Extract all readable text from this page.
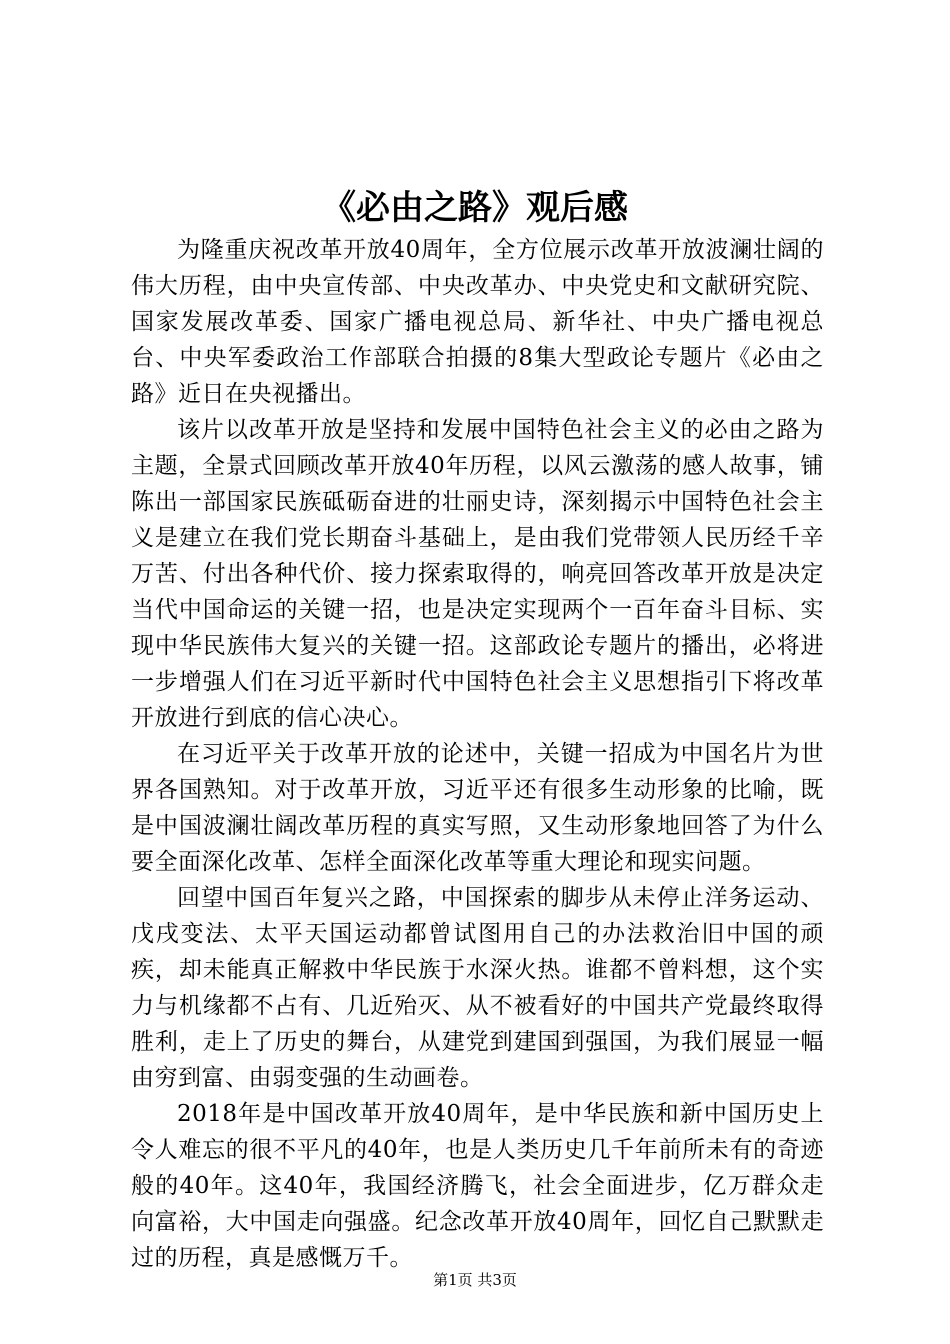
《必由之路》观后感

为隆重庆祝改革开放40周年，全方位展示改革开放波澜壮阔的伟大历程，由中央宣传部、中央改革办、中央党史和文献研究院、国家发展改革委、国家广播电视总局、新华社、中央广播电视总台、中央军委政治工作部联合拍摄的8集大型政论专题片《必由之路》近日在央视播出。

该片以改革开放是坚持和发展中国特色社会主义的必由之路为主题，全景式回顾改革开放40年历程，以风云激荡的感人故事，铺陈出一部国家民族砥砺奋进的壮丽史诗，深刻揭示中国特色社会主义是建立在我们党长期奋斗基础上，是由我们党带领人民历经千辛万苦、付出各种代价、接力探索取得的，响亮回答改革开放是决定当代中国命运的关键一招，也是决定实现两个一百年奋斗目标、实现中华民族伟大复兴的关键一招。这部政论专题片的播出，必将进一步增强人们在习近平新时代中国特色社会主义思想指引下将改革开放进行到底的信心决心。

在习近平关于改革开放的论述中，关键一招成为中国名片为世界各国熟知。对于改革开放，习近平还有很多生动形象的比喻，既是中国波澜壮阔改革历程的真实写照，又生动形象地回答了为什么要全面深化改革、怎样全面深化改革等重大理论和现实问题。

回望中国百年复兴之路，中国探索的脚步从未停止洋务运动、戊戌变法、太平天国运动都曾试图用自己的办法救治旧中国的顽疾，却未能真正解救中华民族于水深火热。谁都不曾料想，这个实力与机缘都不占有、几近殆灭、从不被看好的中国共产党最终取得胜利，走上了历史的舞台，从建党到建国到强国，为我们展显一幅由穷到富、由弱变强的生动画卷。

2018年是中国改革开放40周年，是中华民族和新中国历史上令人难忘的很不平凡的40年，也是人类历史几千年前所未有的奇迹般的40年。这40年，我国经济腾飞，社会全面进步，亿万群众走向富裕，大中国走向强盛。纪念改革开放40周年，回忆自己默默走过的历程，真是感慨万千。

第1页 共3页
